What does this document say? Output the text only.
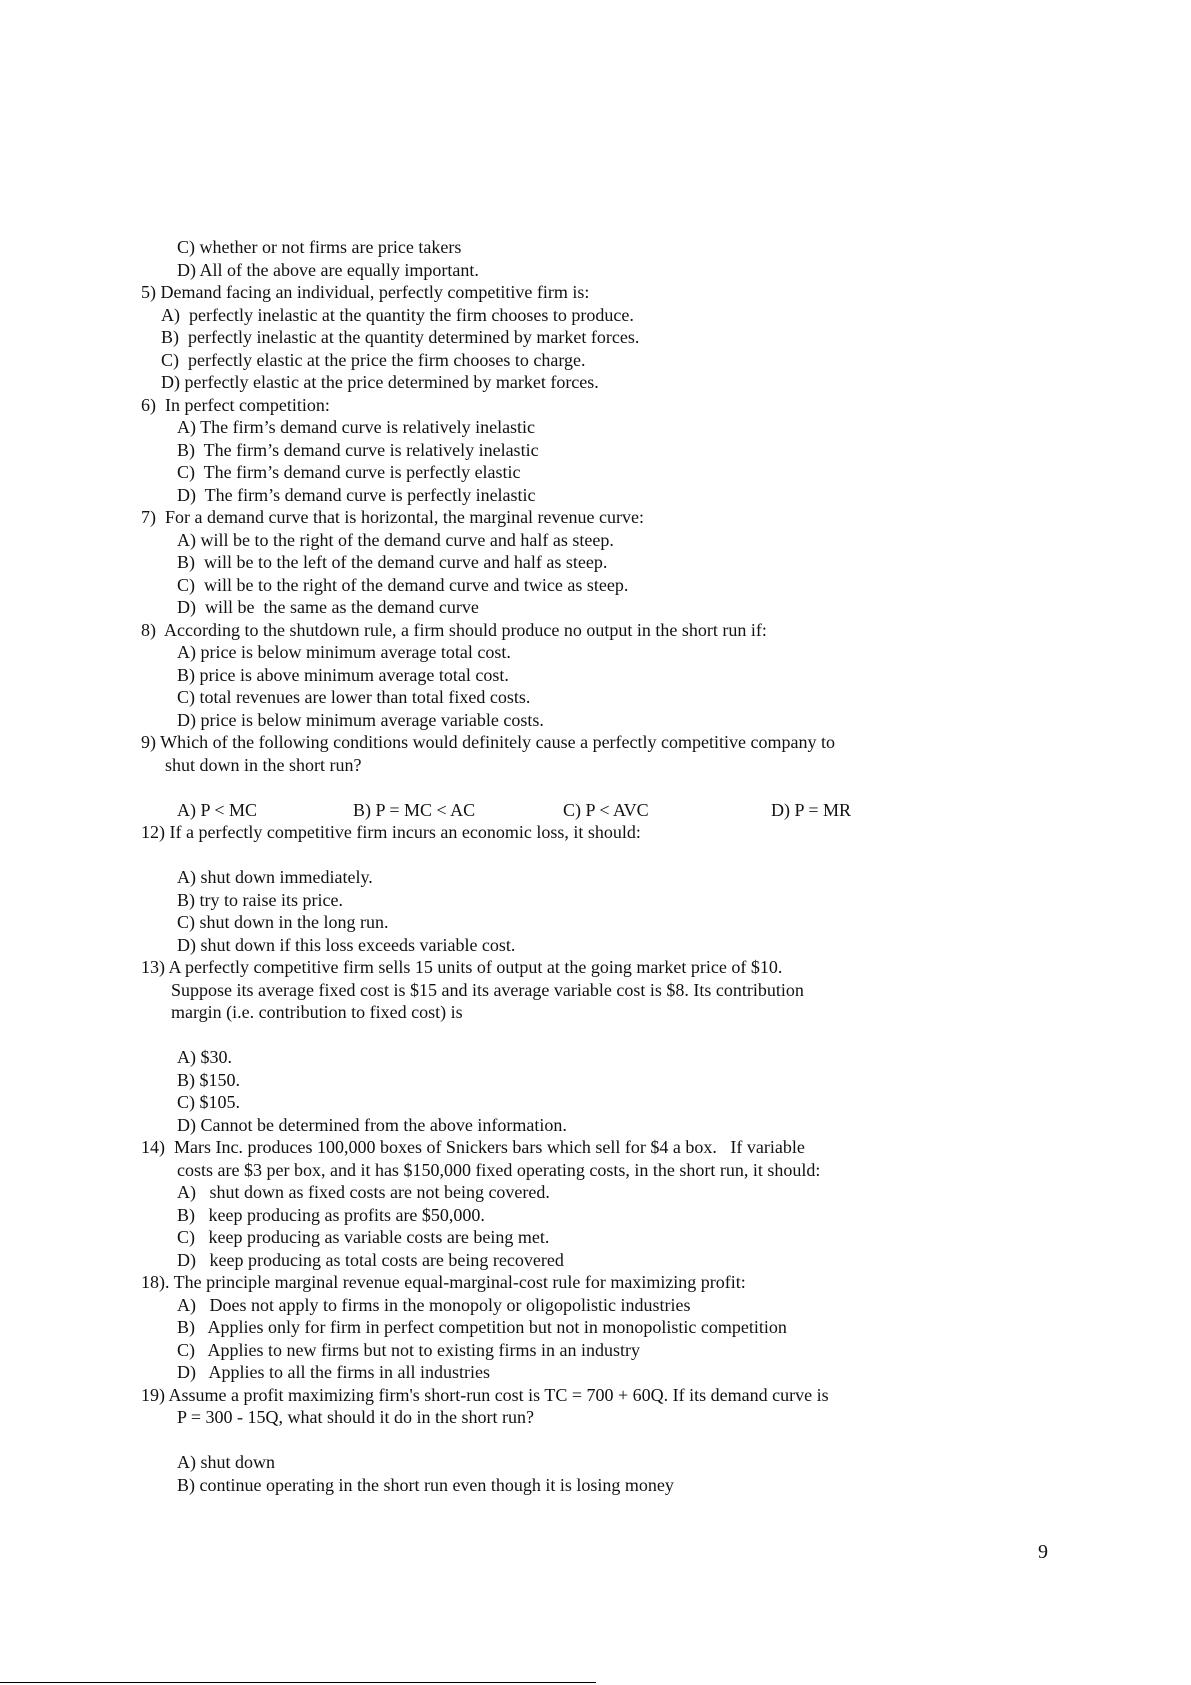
C) whether or not firms are price takers
D) All of the above are equally important.
5) Demand facing an individual, perfectly competitive firm is:
A)  perfectly inelastic at the quantity the firm chooses to produce.
B)  perfectly inelastic at the quantity determined by market forces.
C)  perfectly elastic at the price the firm chooses to charge.
D) perfectly elastic at the price determined by market forces.
6)  In perfect competition:
A) The firm’s demand curve is relatively inelastic
B)  The firm’s demand curve is relatively inelastic
C)  The firm’s demand curve is perfectly elastic
D)  The firm’s demand curve is perfectly inelastic
7)  For a demand curve that is horizontal, the marginal revenue curve:
A) will be to the right of the demand curve and half as steep.
B)  will be to the left of the demand curve and half as steep.
C)  will be to the right of the demand curve and twice as steep.
D)  will be  the same as the demand curve
8)  According to the shutdown rule, a firm should produce no output in the short run if:
A) price is below minimum average total cost.
B) price is above minimum average total cost.
C) total revenues are lower than total fixed costs.
D) price is below minimum average variable costs.
9) Which of the following conditions would definitely cause a perfectly competitive company to
shut down in the short run?
A) P < MC	B) P = MC < AC	C) P < AVC	D) P = MR
12) If a perfectly competitive firm incurs an economic loss, it should:
A) shut down immediately.
B) try to raise its price.
C) shut down in the long run.
D) shut down if this loss exceeds variable cost.
13) A perfectly competitive firm sells 15 units of output at the going market price of $10.
Suppose its average fixed cost is $15 and its average variable cost is $8. Its contribution
margin (i.e. contribution to fixed cost) is
A) $30.
B) $150.
C) $105.
D) Cannot be determined from the above information.
14)  Mars Inc. produces 100,000 boxes of Snickers bars which sell for $4 a box.   If variable
costs are $3 per box, and it has $150,000 fixed operating costs, in the short run, it should:
A)   shut down as fixed costs are not being covered.
B)   keep producing as profits are $50,000.
C)   keep producing as variable costs are being met.
D)   keep producing as total costs are being recovered
18). The principle marginal revenue equal-marginal-cost rule for maximizing profit:
A)   Does not apply to firms in the monopoly or oligopolistic industries
B)   Applies only for firm in perfect competition but not in monopolistic competition
C)   Applies to new firms but not to existing firms in an industry
D)   Applies to all the firms in all industries
19) Assume a profit maximizing firm's short-run cost is TC = 700 + 60Q. If its demand curve is
P = 300 - 15Q, what should it do in the short run?
A) shut down
B) continue operating in the short run even though it is losing money
9
